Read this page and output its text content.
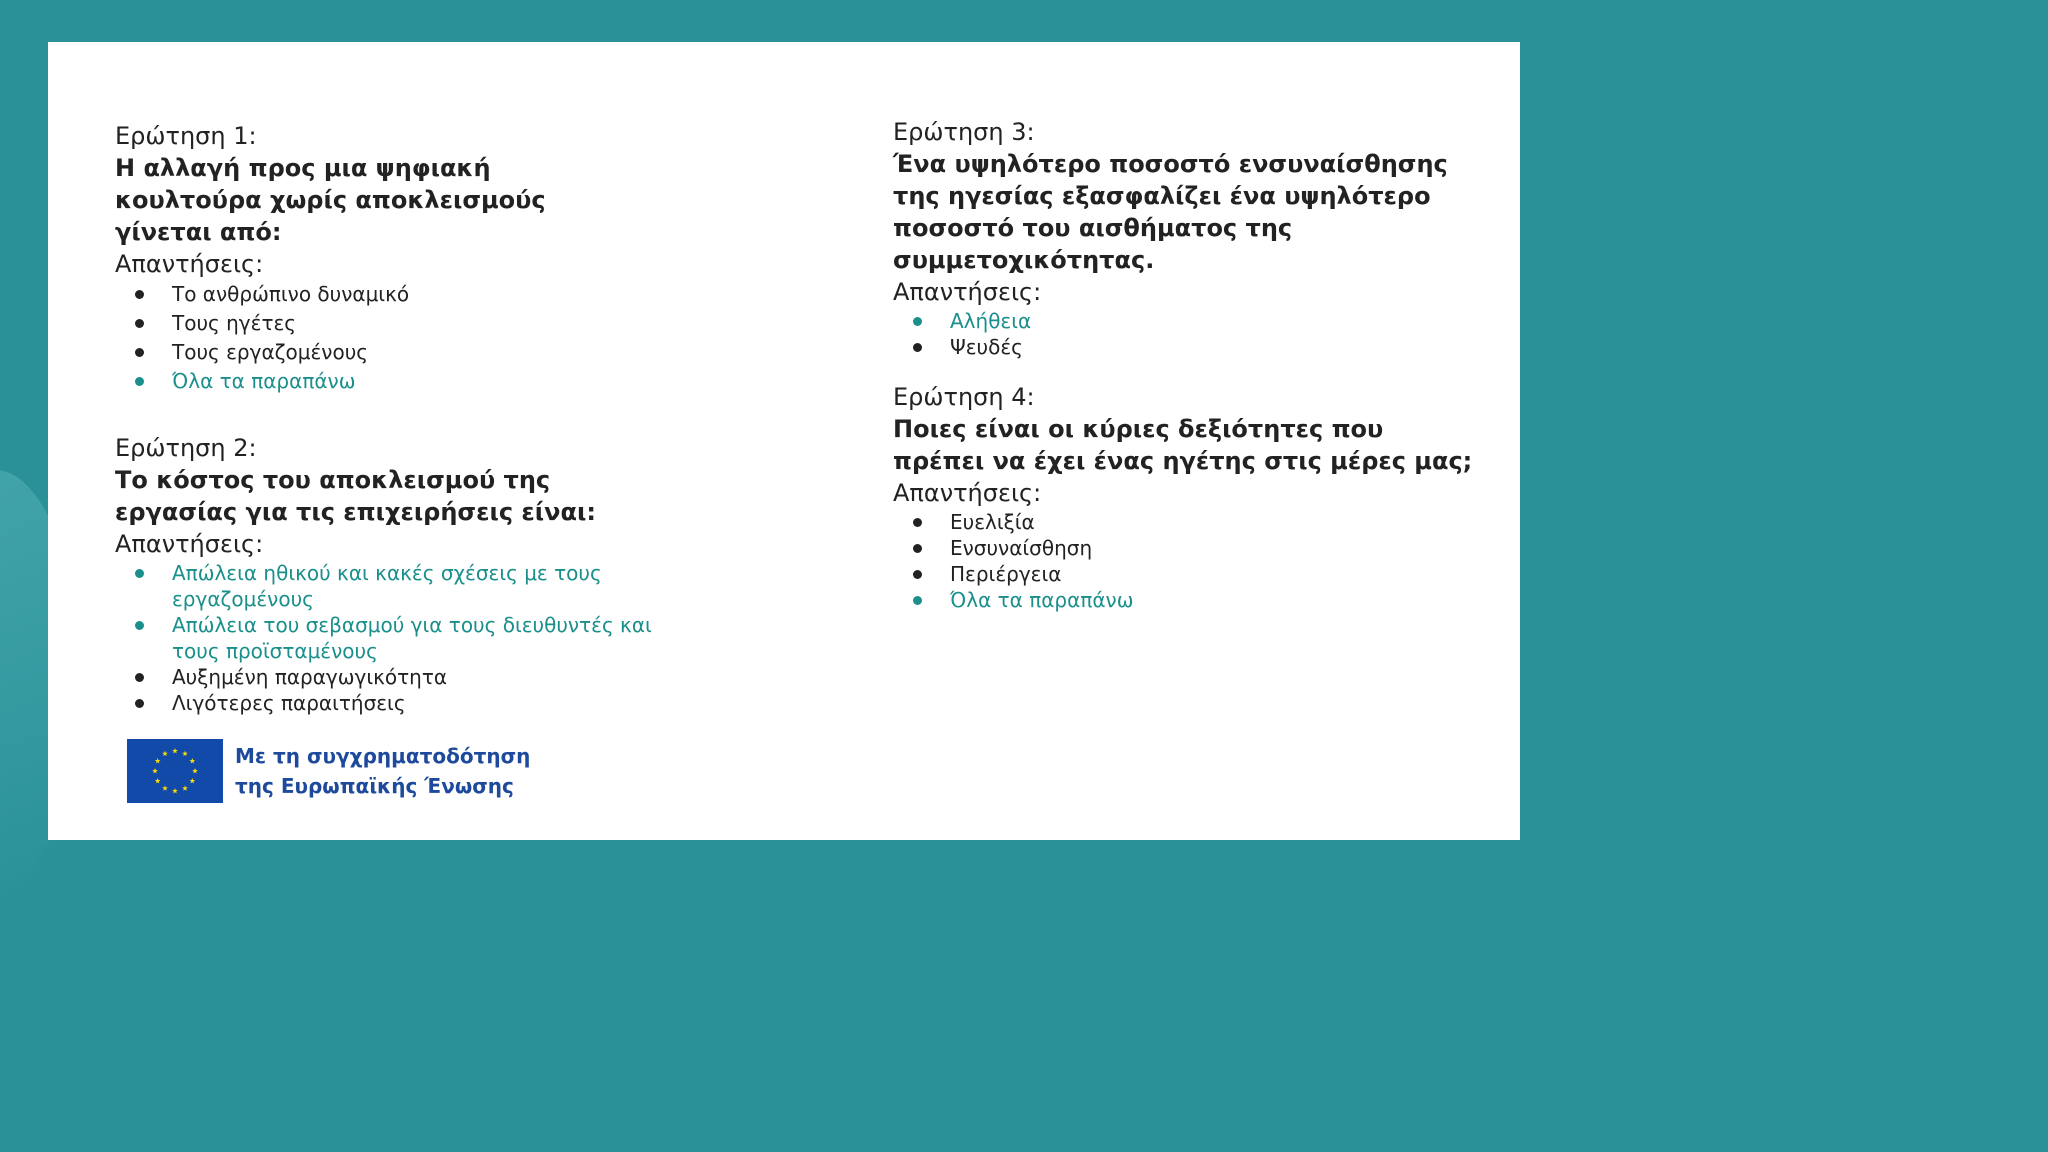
Ερώτηση 1:
Η αλλαγή προς μια ψηφιακή κουλτούρα χωρίς αποκλεισμούς γίνεται από:
Απαντήσεις:
Το ανθρώπινο δυναμικό
Τους ηγέτες
Τους εργαζομένους
Όλα τα παραπάνω
Ερώτηση 2:
Το κόστος του αποκλεισμού της εργασίας για τις επιχειρήσεις είναι:
Απαντήσεις:
Απώλεια ηθικού και κακές σχέσεις με τους εργαζομένους
Απώλεια του σεβασμού για τους διευθυντές και τους προϊσταμένους
Αυξημένη παραγωγικότητα
Λιγότερες παραιτήσεις
Ερώτηση 3:
Ένα υψηλότερο ποσοστό ενσυναίσθησης της ηγεσίας εξασφαλίζει ένα υψηλότερο ποσοστό του αισθήματος της συμμετοχικότητας.
Απαντήσεις:
Αλήθεια
Ψευδές
Ερώτηση 4:
Ποιες είναι οι κύριες δεξιότητες που πρέπει να έχει ένας ηγέτης στις μέρες μας;
Απαντήσεις:
Ευελιξία
Ενσυναίσθηση
Περιέργεια
Όλα τα παραπάνω
Με τη συγχρηματοδότηση
της Ευρωπαϊκής Ένωσης
